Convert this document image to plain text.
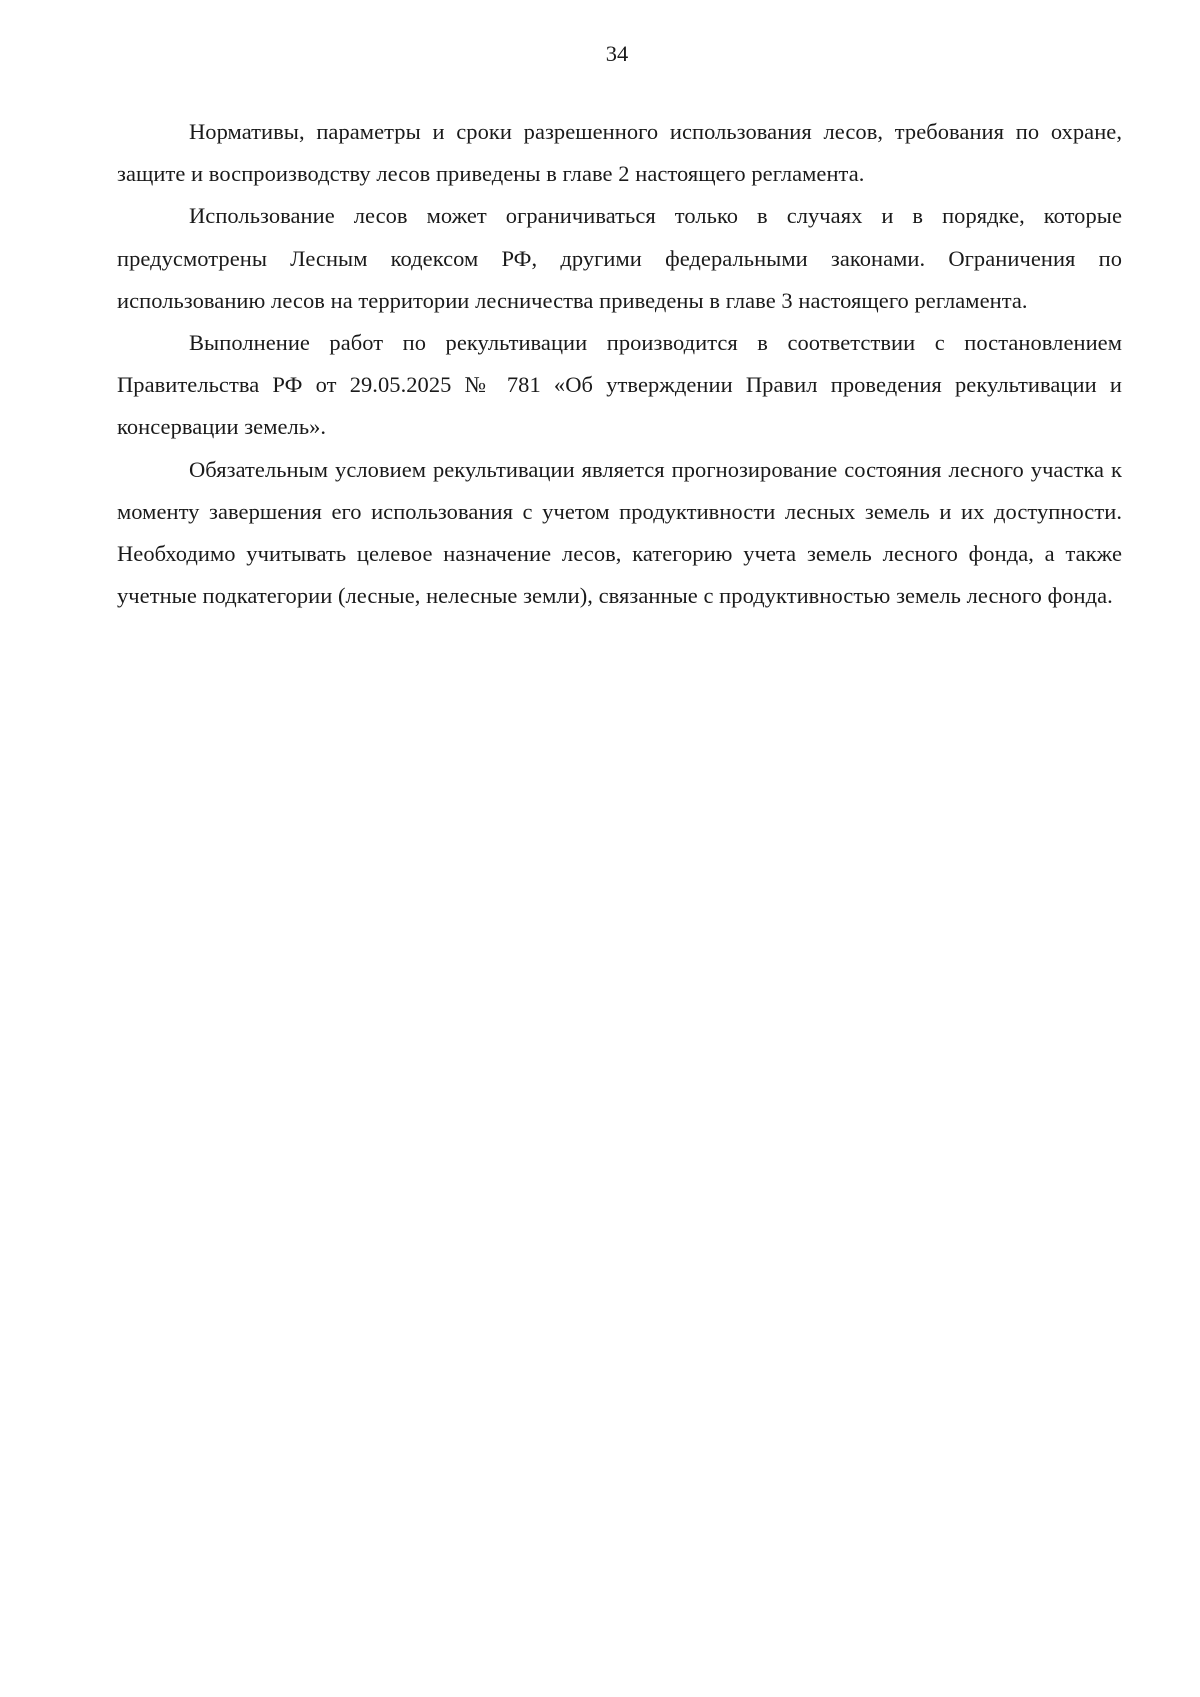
34

Нормативы, параметры и сроки разрешенного использования лесов, требования по охране, защите и воспроизводству лесов приведены в главе 2 настоящего регламента.

Использование лесов может ограничиваться только в случаях и в порядке, которые предусмотрены Лесным кодексом РФ, другими федеральными законами. Ограничения по использованию лесов на территории лесничества приведены в главе 3 настоящего регламента.

Выполнение работ по рекультивации производится в соответствии с постановлением Правительства РФ от 29.05.2025 № 781 «Об утверждении Правил проведения рекультивации и консервации земель».

Обязательным условием рекультивации является прогнозирование состояния лесного участка к моменту завершения его использования с учетом продуктивности лесных земель и их доступности. Необходимо учитывать целевое назначение лесов, категорию учета земель лесного фонда, а также учетные подкатегории (лесные, нелесные земли), связанные с продуктивностью земель лесного фонда.
